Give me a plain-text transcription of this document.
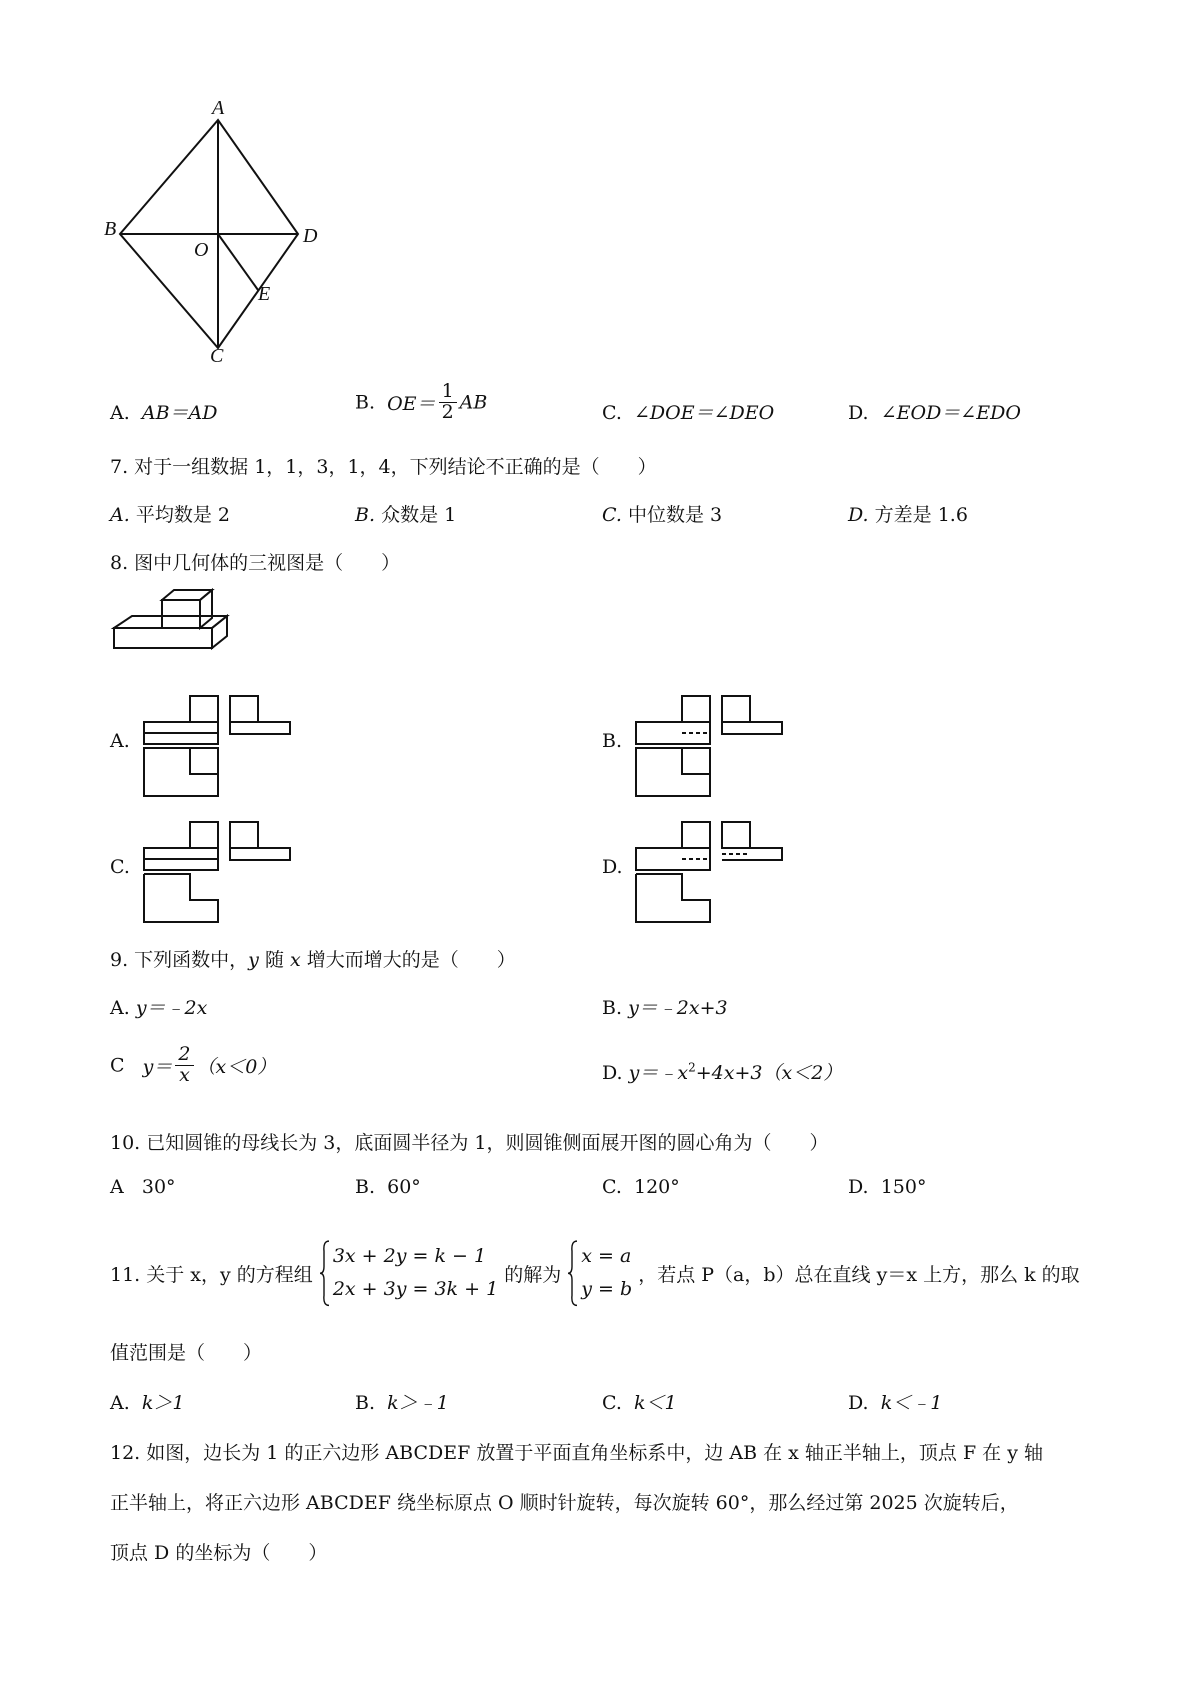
A
B
O
D
E
C
A. AB＝AD	B. $OE= \frac{1}{2}$ AB	C. ∠DOE＝∠DEO	D. ∠EOD＝∠EDO
7. 对于一组数据 1，1，3，1，4，下列结论不正确的是（　　）
A. 平均数是 2	B. 众数是 1	C. 中位数是 3	D. 方差是 1.6
8. 图中几何体的三视图是（　　）
A.	B.
C.	D.
9. 下列函数中，y 随 x 增大而增大的是（　　）
A. y＝﹣2x	B. y＝﹣2x+3
C $y= \frac{2}{x} (x<0)$	D. $y=﹣x^2+4x+3(x<2)$
10. 已知圆锥的母线长为 3，底面圆半径为 1，则圆锥侧面展开图的圆心角为（　　）
A 30°	B. 60°	C. 120°	D. 150°
11. 关于 x，y 的方程组
3x + 2y = k − 1
2x + 3y = 3k + 1
的解为
x = a
y = b
，若点 P（a，b）总在直线 y＝x 上方，那么 k 的取
值范围是（　　）
A. k＞1	B. k＞﹣1	C. k＜1	D. k＜﹣1
12. 如图，边长为 1 的正六边形 ABCDEF 放置于平面直角坐标系中，边 AB 在 x 轴正半轴上，顶点 F 在 y 轴
正半轴上，将正六边形 ABCDEF 绕坐标原点 O 顺时针旋转，每次旋转 60°，那么经过第 2025 次旋转后，
顶点 D 的坐标为（　　）
